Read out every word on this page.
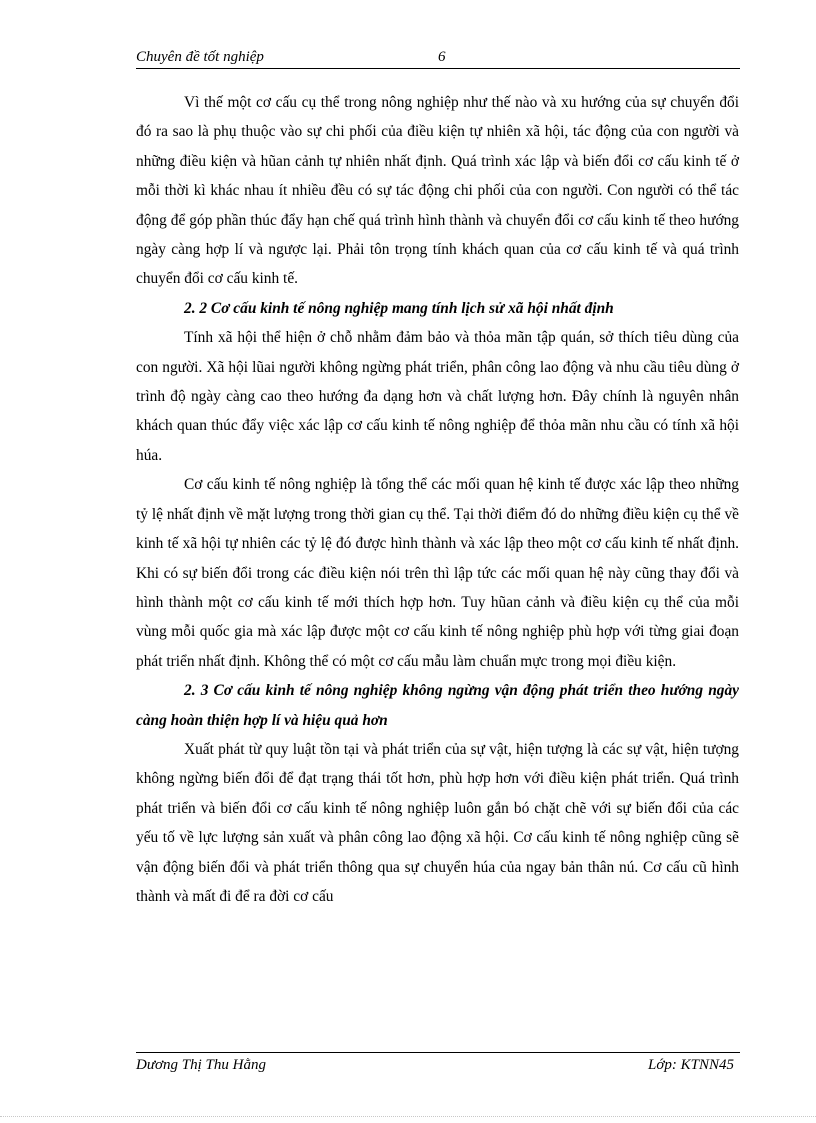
Chuyên đề tốt nghiệp	6

Vì thế một cơ cấu cụ thể trong nông nghiệp như thế nào và xu hướng của sự chuyển đổi đó ra sao là phụ thuộc vào sự chi phối của điều kiện tự nhiên xã hội, tác động của con người và những điều kiện và hũan cảnh tự nhiên nhất định. Quá trình xác lập và biến đổi cơ cấu kinh tế ở mỗi thời kì khác nhau ít nhiều đều có sự tác động chi phối của con người. Con người có thể tác động để góp phần thúc đẩy hạn chế quá trình hình thành và chuyển đổi cơ cấu kinh tế theo hướng ngày càng hợp lí và ngược lại. Phải tôn trọng tính khách quan của cơ cấu kinh tế và quá trình chuyển đổi cơ cấu kinh tế.

2. 2 Cơ cấu kinh tế nông nghiệp mang tính lịch sử xã hội nhất định

Tính xã hội thể hiện ở chỗ nhằm đảm bảo và thỏa mãn tập quán, sở thích tiêu dùng của con người. Xã hội lũai người không ngừng phát triển, phân công lao động và nhu cầu tiêu dùng ở trình độ ngày càng cao theo hướng đa dạng hơn và chất lượng hơn. Đây chính là nguyên nhân khách quan thúc đẩy việc xác lập cơ cấu kinh tế nông nghiệp để thỏa mãn nhu cầu có tính xã hội húa.

Cơ cấu kinh tế nông nghiệp là tổng thể các mối quan hệ kinh tế được xác lập theo những tỷ lệ nhất định về mặt lượng trong thời gian cụ thể. Tại thời điểm đó do những điều kiện cụ thể về kinh tế xã hội tự nhiên các tỷ lệ đó được hình thành và xác lập theo một cơ cấu kinh tế nhất định. Khi có sự biến đổi trong các điều kiện nói trên thì lập tức các mối quan hệ này cũng thay đổi và hình thành một cơ cấu kinh tế mới thích hợp hơn. Tuy hũan cảnh và điều kiện cụ thể của mỗi vùng mỗi quốc gia mà xác lập được một cơ cấu kinh tế nông nghiệp phù hợp với từng giai đoạn phát triển nhất định. Không thể có một cơ cấu mẫu làm chuẩn mực trong mọi điều kiện.

2. 3 Cơ cấu kinh tế nông nghiệp không ngừng vận động phát triển theo hướng ngày càng hoàn thiện hợp lí và hiệu quả hơn

Xuất phát từ quy luật tồn tại và phát triển của sự vật, hiện tượng là các sự vật, hiện tượng không ngừng biến đổi để đạt trạng thái tốt hơn, phù hợp hơn với điều kiện phát triển. Quá trình phát triển và biến đổi cơ cấu kinh tế nông nghiệp luôn gắn bó chặt chẽ với sự biến đổi của các yếu tố về lực lượng sản xuất và phân công lao động xã hội. Cơ cấu kinh tế nông nghiệp cũng sẽ vận động biến đổi và phát triển thông qua sự chuyển húa của ngay bản thân nú. Cơ cấu cũ hình thành và mất đi để ra đời cơ cấu

Dương Thị Thu Hằng	Lớp: KTNN45
